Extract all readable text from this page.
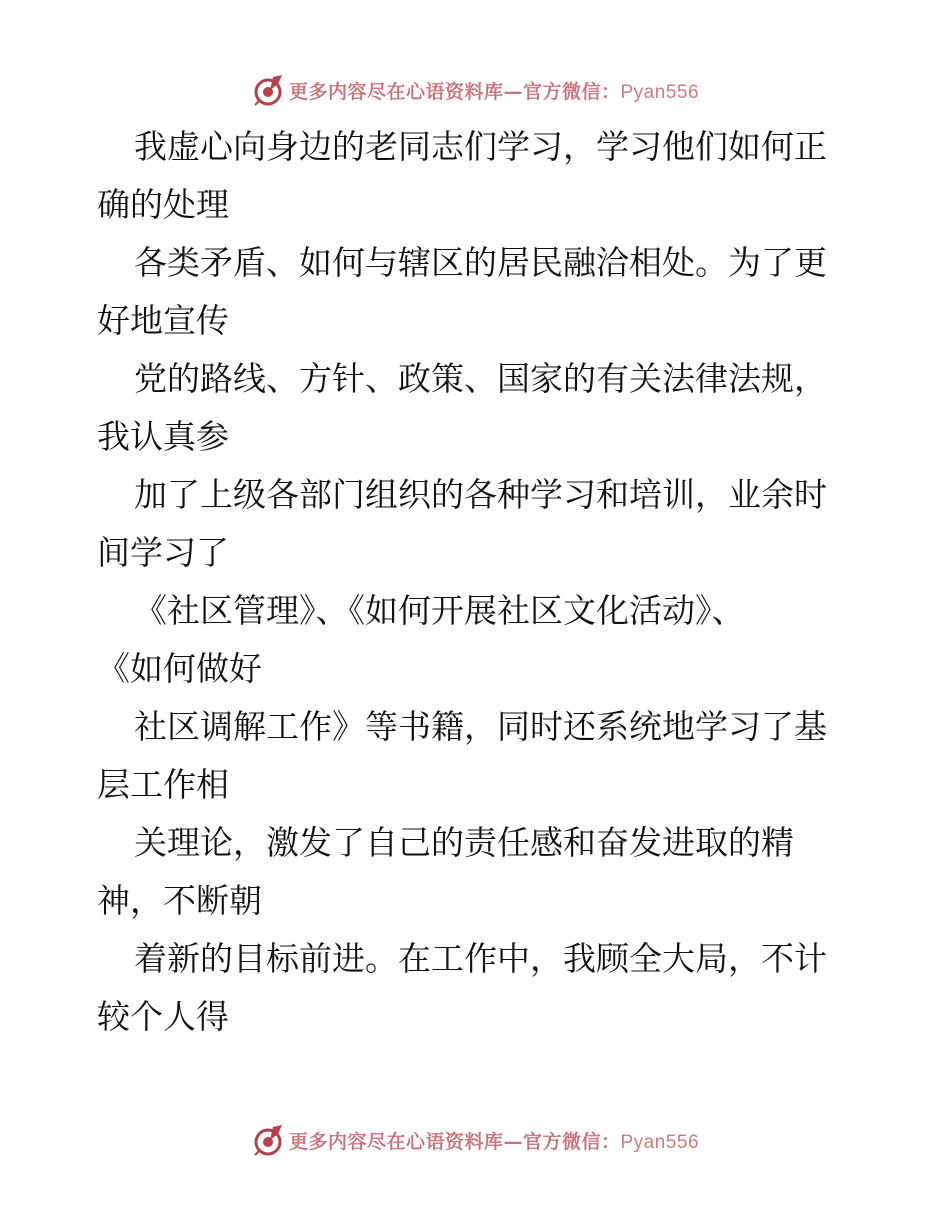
更多内容尽在心语资料库—官方微信：Pyan556
我虚心向身边的老同志们学习，学习他们如何正
确的处理
各类矛盾、如何与辖区的居民融洽相处。为了更
好地宣传
党的路线、方针、政策、国家的有关法律法规，
我认真参
加了上级各部门组织的各种学习和培训，业余时
间学习了
《社区管理》、《如何开展社区文化活动》、
《如何做好
社区调解工作》等书籍，同时还系统地学习了基
层工作相
关理论，激发了自己的责任感和奋发进取的精
神，不断朝
着新的目标前进。在工作中，我顾全大局，不计
较个人得
更多内容尽在心语资料库—官方微信：Pyan556
